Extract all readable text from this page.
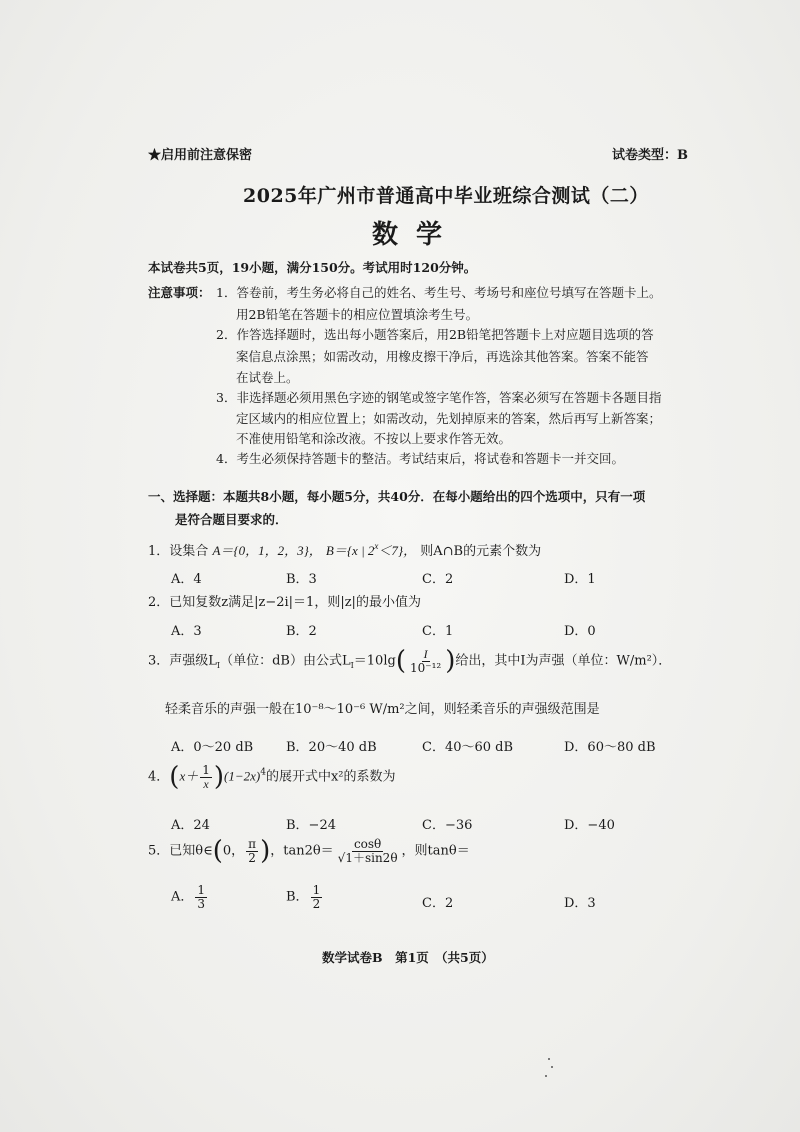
★启用前注意保密	试卷类型：B
2025年广州市普通高中毕业班综合测试（二）
数学
本试卷共5页，19小题，满分150分。考试用时120分钟。
注意事项： 1．答卷前，考生务必将自己的姓名、考生号、考场号和座位号填写在答题卡上。
用2B铅笔在答题卡的相应位置填涂考生号。
2．作答选择题时，选出每小题答案后，用2B铅笔把答题卡上对应题目选项的答
案信息点涂黑；如需改动，用橡皮擦干净后，再选涂其他答案。答案不能答
在试卷上。
3．非选择题必须用黑色字迹的钢笔或签字笔作答，答案必须写在答题卡各题目指
定区域内的相应位置上；如需改动，先划掉原来的答案，然后再写上新答案；
不准使用铅笔和涂改液。不按以上要求作答无效。
4．考生必须保持答题卡的整洁。考试结束后，将试卷和答题卡一并交回。
一、选择题：本题共8小题，每小题5分，共40分．在每小题给出的四个选项中，只有一项
是符合题目要求的．
1．设集合 A＝{0，1，2，3}， B＝{x | $2^x<7$}， 则A∩B的元素个数为
A．4	B．3	C．2	D．1
2．已知复数z满足|z−2i|＝1，则|z|的最小值为
A．3	B．2	C．1	D．0
3．声强级$L_I$（单位：dB）由公式$L_I=10\lg( \frac{I}{\text{10⁻¹²}}$ )给出，其中I为声强（单位：W/m²）．
轻柔音乐的声强一般在10⁻⁸～10⁻⁶ W/m²之间，则轻柔音乐的声强级范围是
A．0～20 dB	B．20～40 dB	C．40～60 dB	D．60～80 dB
4．$(x+ \frac{1}{x} )(1-2x)^4$的展开式中x²的系数为
A．24	B．−24	C．−36	D．−40
5．已知θ∈(0， $\frac{\pi}{2}$ )，$\tan 2\theta= \frac{\cos\theta}{√1+\sin 2\theta}$ ，则tanθ＝
A． $\frac{1}{3}$	B． $\frac{1}{2}$	C．2	D．3
数学试卷B　第1页　（共5页）
